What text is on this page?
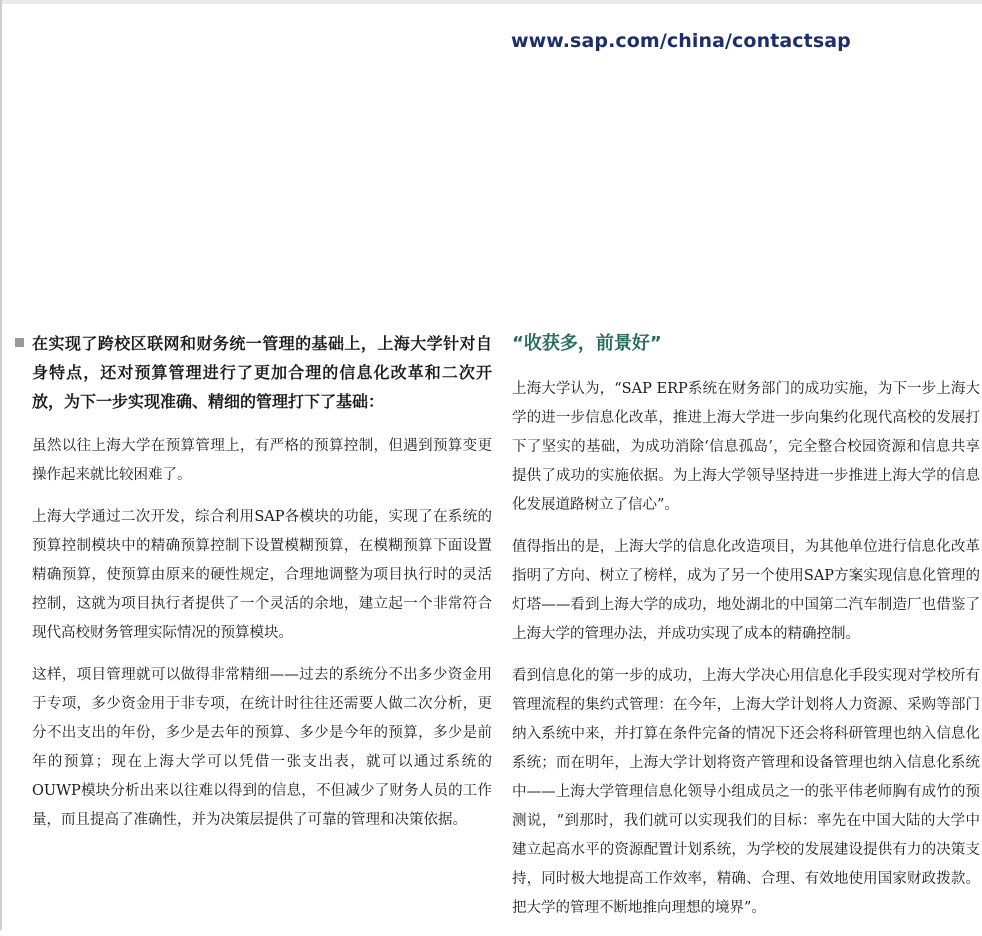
www.sap.com/china/contactsap
在实现了跨校区联网和财务统一管理的基础上，上海大学针对自身特点，还对预算管理进行了更加合理的信息化改革和二次开放，为下一步实现准确、精细的管理打下了基础：

虽然以往上海大学在预算管理上，有严格的预算控制，但遇到预算变更操作起来就比较困难了。

上海大学通过二次开发，综合利用SAP各模块的功能，实现了在系统的预算控制模块中的精确预算控制下设置模糊预算，在模糊预算下面设置精确预算，使预算由原来的硬性规定，合理地调整为项目执行时的灵活控制，这就为项目执行者提供了一个灵活的余地，建立起一个非常符合现代高校财务管理实际情况的预算模块。

这样，项目管理就可以做得非常精细——过去的系统分不出多少资金用于专项，多少资金用于非专项，在统计时往往还需要人做二次分析，更分不出支出的年份，多少是去年的预算、多少是今年的预算，多少是前年的预算；现在上海大学可以凭借一张支出表，就可以通过系统的OUWP模块分析出来以往难以得到的信息，不但减少了财务人员的工作量，而且提高了准确性，并为决策层提供了可靠的管理和决策依据。

“收获多，前景好”

上海大学认为，“SAP ERP系统在财务部门的成功实施，为下一步上海大学的进一步信息化改革，推进上海大学进一步向集约化现代高校的发展打下了坚实的基础，为成功消除‘信息孤岛’，完全整合校园资源和信息共享提供了成功的实施依据。为上海大学领导坚持进一步推进上海大学的信息化发展道路树立了信心”。

值得指出的是，上海大学的信息化改造项目，为其他单位进行信息化改革指明了方向、树立了榜样，成为了另一个使用SAP方案实现信息化管理的灯塔——看到上海大学的成功，地处湖北的中国第二汽车制造厂也借鉴了上海大学的管理办法，并成功实现了成本的精确控制。

看到信息化的第一步的成功，上海大学决心用信息化手段实现对学校所有管理流程的集约式管理：在今年，上海大学计划将人力资源、采购等部门纳入系统中来，并打算在条件完备的情况下还会将科研管理也纳入信息化系统；而在明年，上海大学计划将资产管理和设备管理也纳入信息化系统中——上海大学管理信息化领导小组成员之一的张平伟老师胸有成竹的预测说，“到那时，我们就可以实现我们的目标：率先在中国大陆的大学中建立起高水平的资源配置计划系统，为学校的发展建设提供有力的决策支持，同时极大地提高工作效率，精确、合理、有效地使用国家财政拨款。把大学的管理不断地推向理想的境界”。
